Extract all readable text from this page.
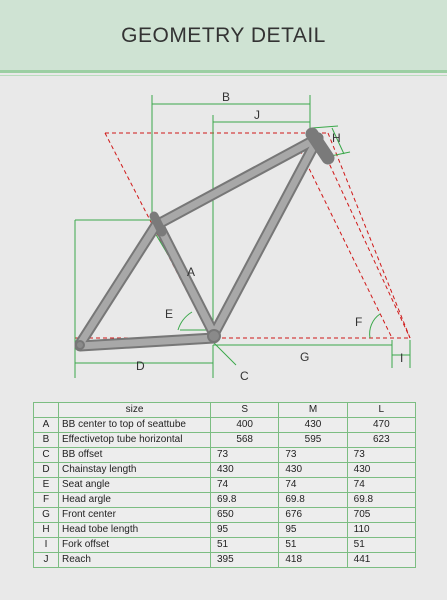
GEOMETRY DETAIL
B
J
H
A
E
F
D
G
C
I
	size	S	M	L
A	BB center to top of seattube	400	430	470
B	Effectivetop tube horizontal	568	595	623
C	BB offset	73	73	73
D	Chainstay length	430	430	430
E	Seat angle	74	74	74
F	Head argle	69.8	69.8	69.8
G	Front center	650	676	705
H	Head tobe length	95	95	110
I	Fork offset	51	51	51
J	Reach	395	418	441
